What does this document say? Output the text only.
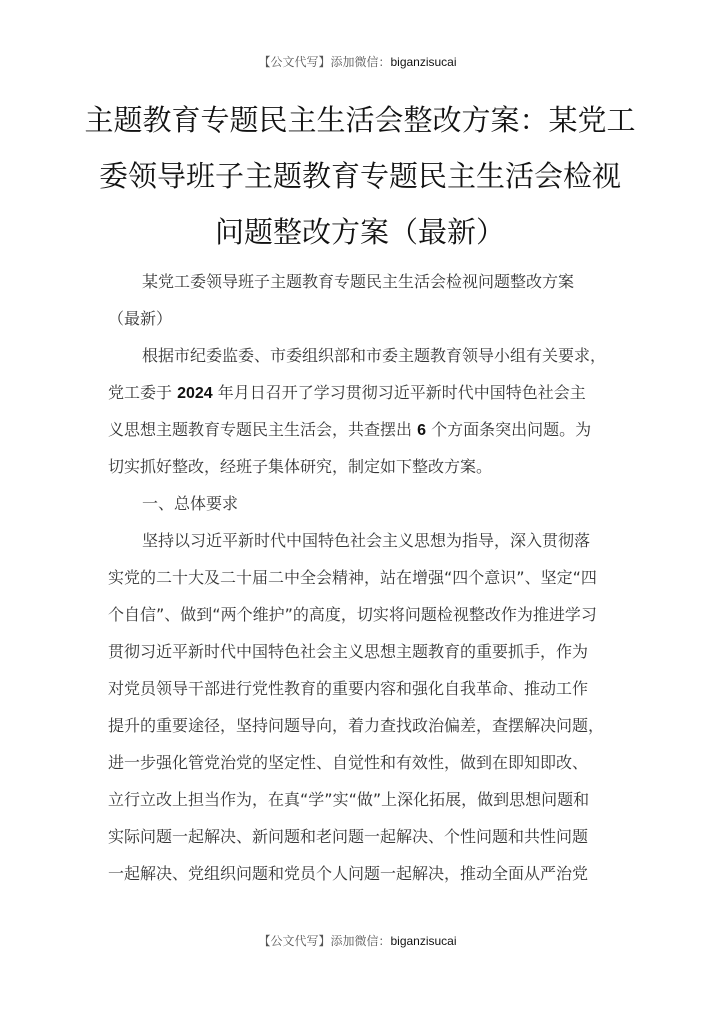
【公文代写】添加微信：biganzisucai
主题教育专题民主生活会整改方案：某党工
委领导班子主题教育专题民主生活会检视
问题整改方案（最新）
某党工委领导班子主题教育专题民主生活会检视问题整改方案
（最新）
根据市纪委监委、市委组织部和市委主题教育领导小组有关要求，
党工委于 2024 年月日召开了学习贯彻习近平新时代中国特色社会主
义思想主题教育专题民主生活会，共查摆出 6 个方面条突出问题。为
切实抓好整改，经班子集体研究，制定如下整改方案。
一、总体要求
坚持以习近平新时代中国特色社会主义思想为指导，深入贯彻落
实党的二十大及二十届二中全会精神，站在增强“四个意识”、坚定“四
个自信”、做到“两个维护”的高度，切实将问题检视整改作为推进学习
贯彻习近平新时代中国特色社会主义思想主题教育的重要抓手，作为
对党员领导干部进行党性教育的重要内容和强化自我革命、推动工作
提升的重要途径，坚持问题导向，着力查找政治偏差，查摆解决问题，
进一步强化管党治党的坚定性、自觉性和有效性，做到在即知即改、
立行立改上担当作为，在真“学”实“做”上深化拓展，做到思想问题和
实际问题一起解决、新问题和老问题一起解决、个性问题和共性问题
一起解决、党组织问题和党员个人问题一起解决，推动全面从严治党
【公文代写】添加微信：biganzisucai
